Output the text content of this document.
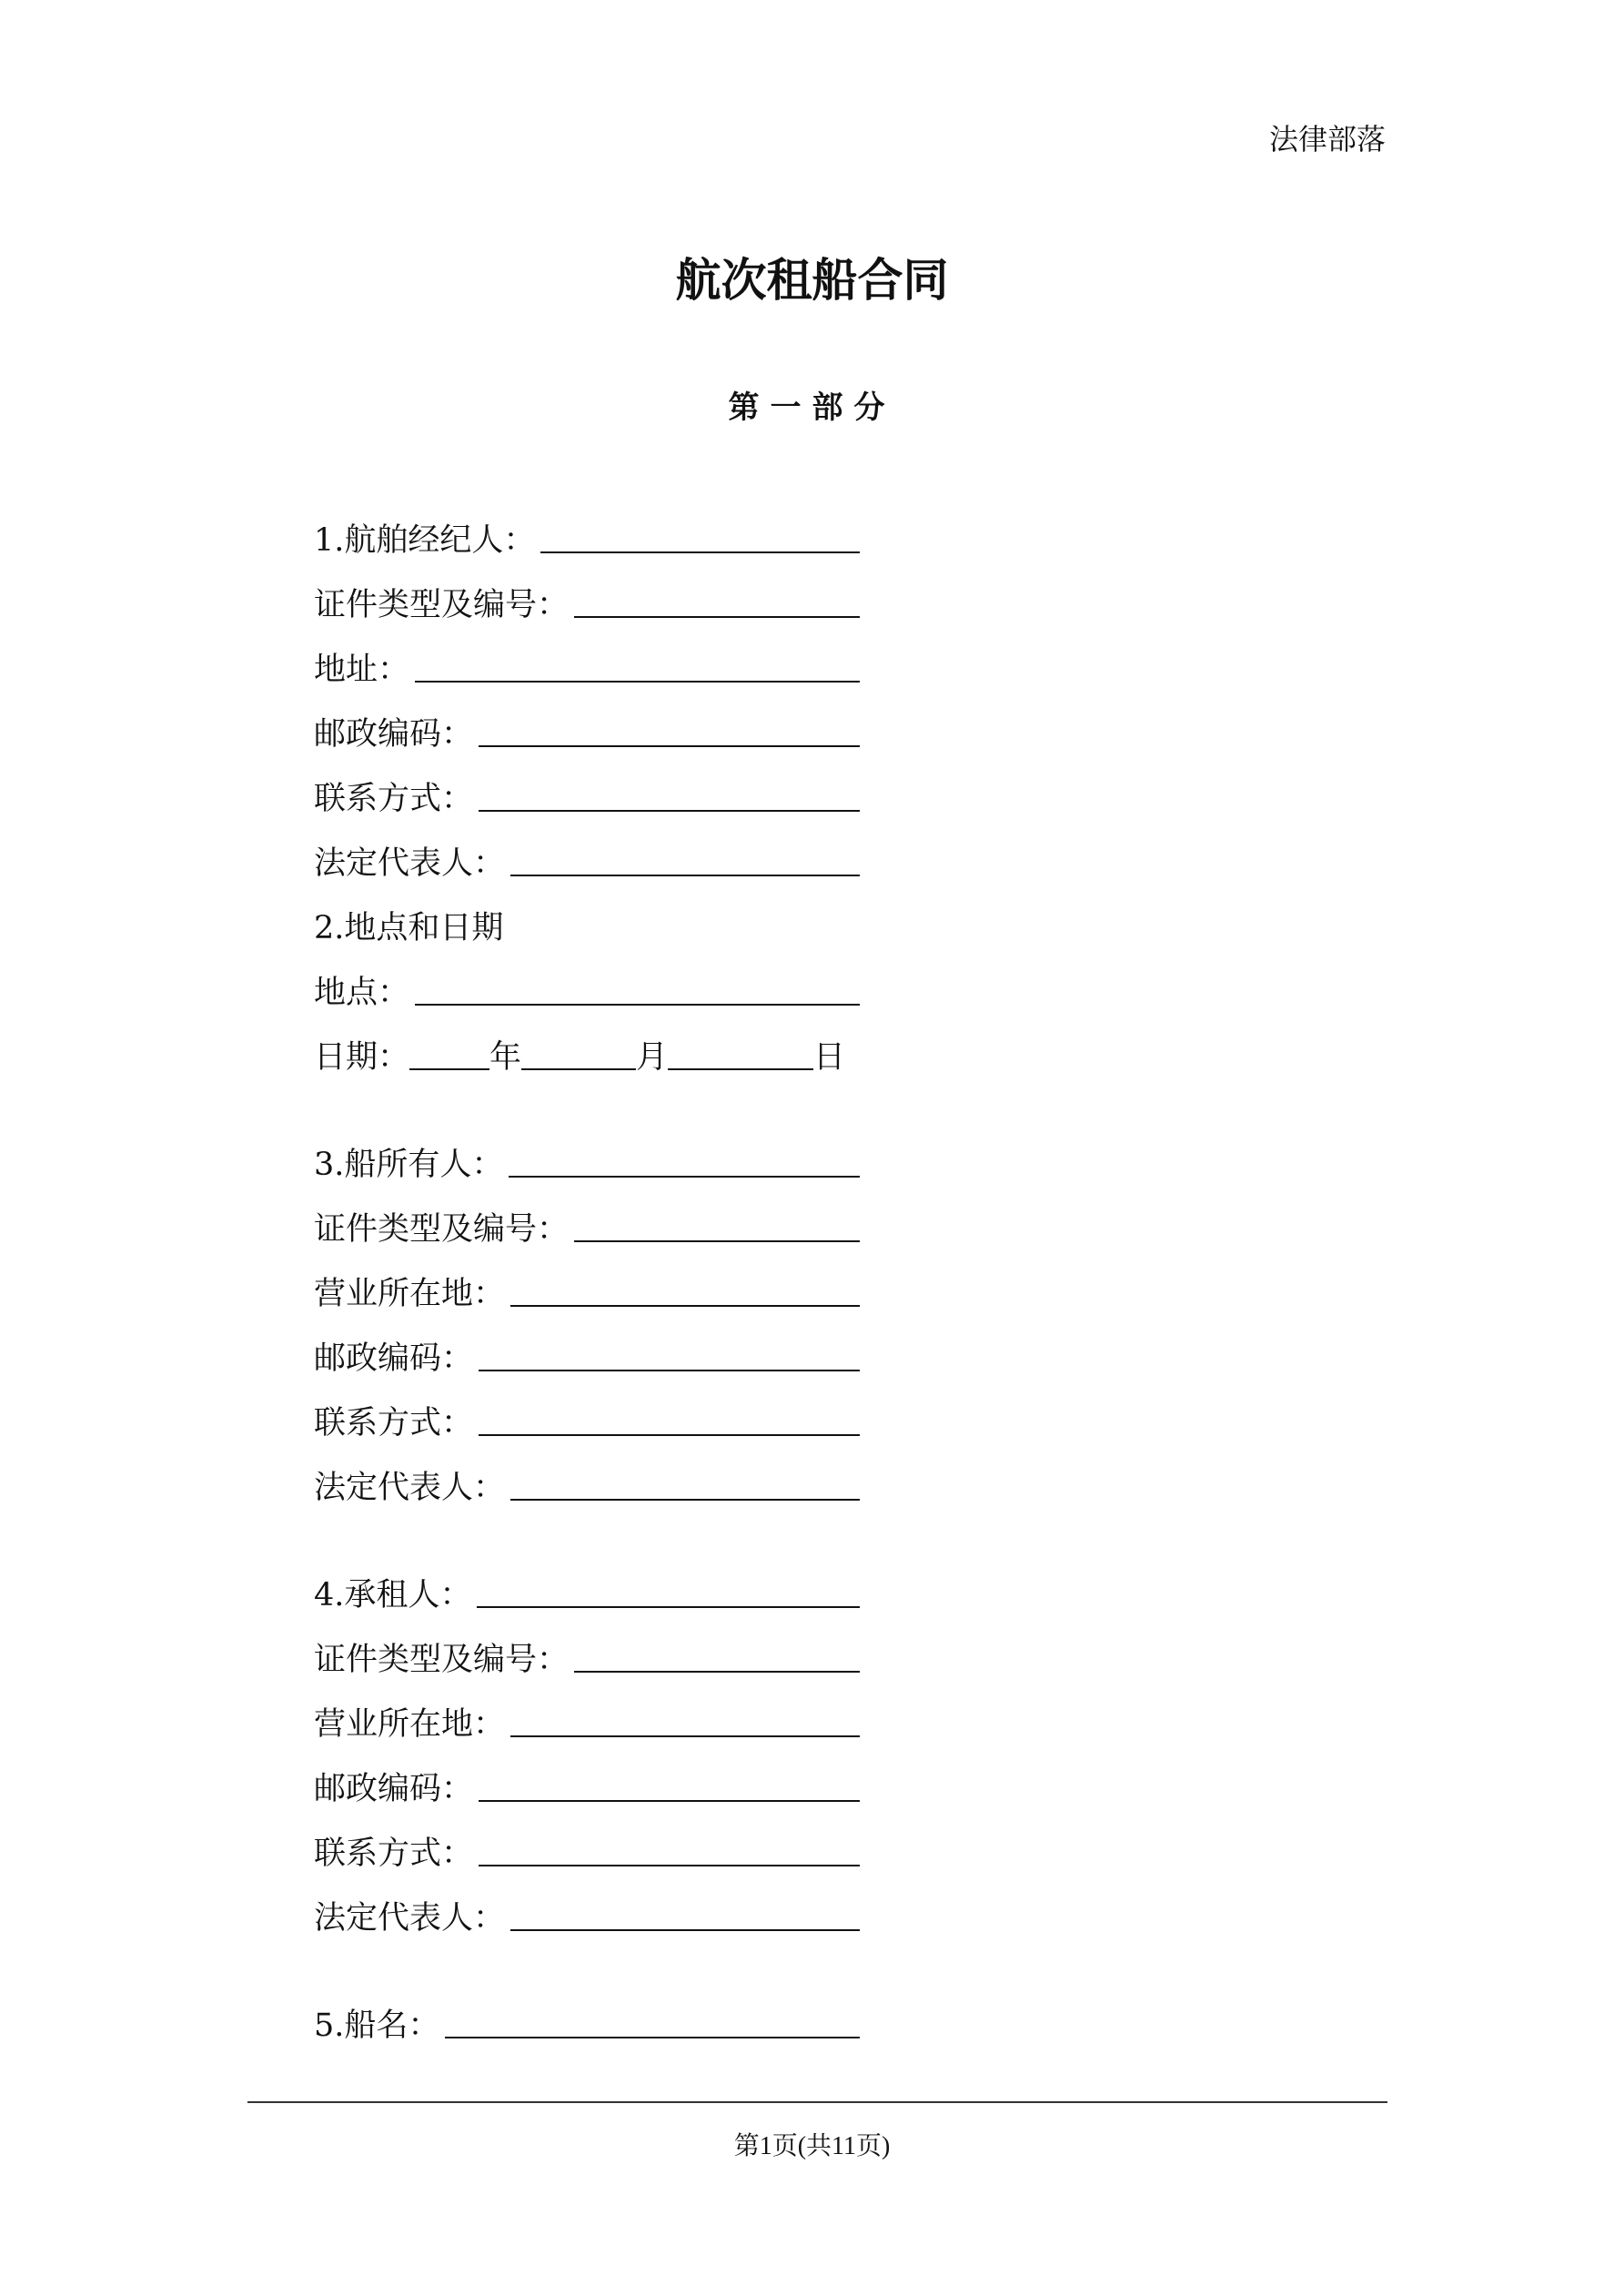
法律部落
航次租船合同
第一部分
1.航舶经纪人：
证件类型及编号：
地址：
邮政编码：
联系方式：
法定代表人：
2.地点和日期
地点：
日期：	年	月	日
3.船所有人：
证件类型及编号：
营业所在地：
邮政编码：
联系方式：
法定代表人：
4.承租人：
证件类型及编号：
营业所在地：
邮政编码：
联系方式：
法定代表人：
5.船名：
第1页(共11页)
